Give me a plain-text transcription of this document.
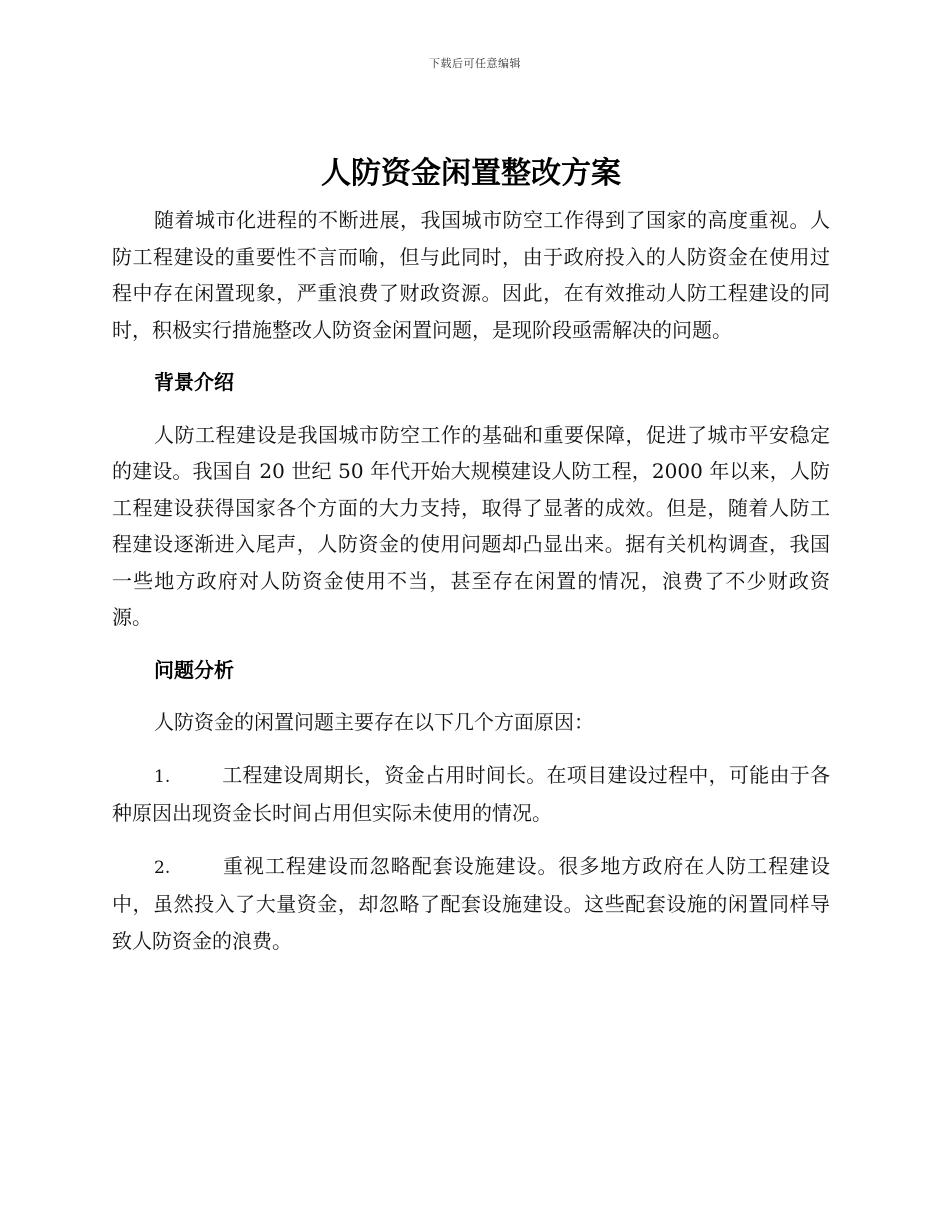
下载后可任意编辑
人防资金闲置整改方案

随着城市化进程的不断进展，我国城市防空工作得到了国家的高度重视。人防工程建设的重要性不言而喻，但与此同时，由于政府投入的人防资金在使用过程中存在闲置现象，严重浪费了财政资源。因此，在有效推动人防工程建设的同时，积极实行措施整改人防资金闲置问题，是现阶段亟需解决的问题。

背景介绍

人防工程建设是我国城市防空工作的基础和重要保障，促进了城市平安稳定的建设。我国自 20 世纪 50 年代开始大规模建设人防工程，2000 年以来，人防工程建设获得国家各个方面的大力支持，取得了显著的成效。但是，随着人防工程建设逐渐进入尾声，人防资金的使用问题却凸显出来。据有关机构调查，我国一些地方政府对人防资金使用不当，甚至存在闲置的情况，浪费了不少财政资源。

问题分析

人防资金的闲置问题主要存在以下几个方面原因：

1.	工程建设周期长，资金占用时间长。在项目建设过程中，可能由于各种原因出现资金长时间占用但实际未使用的情况。

2.	重视工程建设而忽略配套设施建设。很多地方政府在人防工程建设中，虽然投入了大量资金，却忽略了配套设施建设。这些配套设施的闲置同样导致人防资金的浪费。
